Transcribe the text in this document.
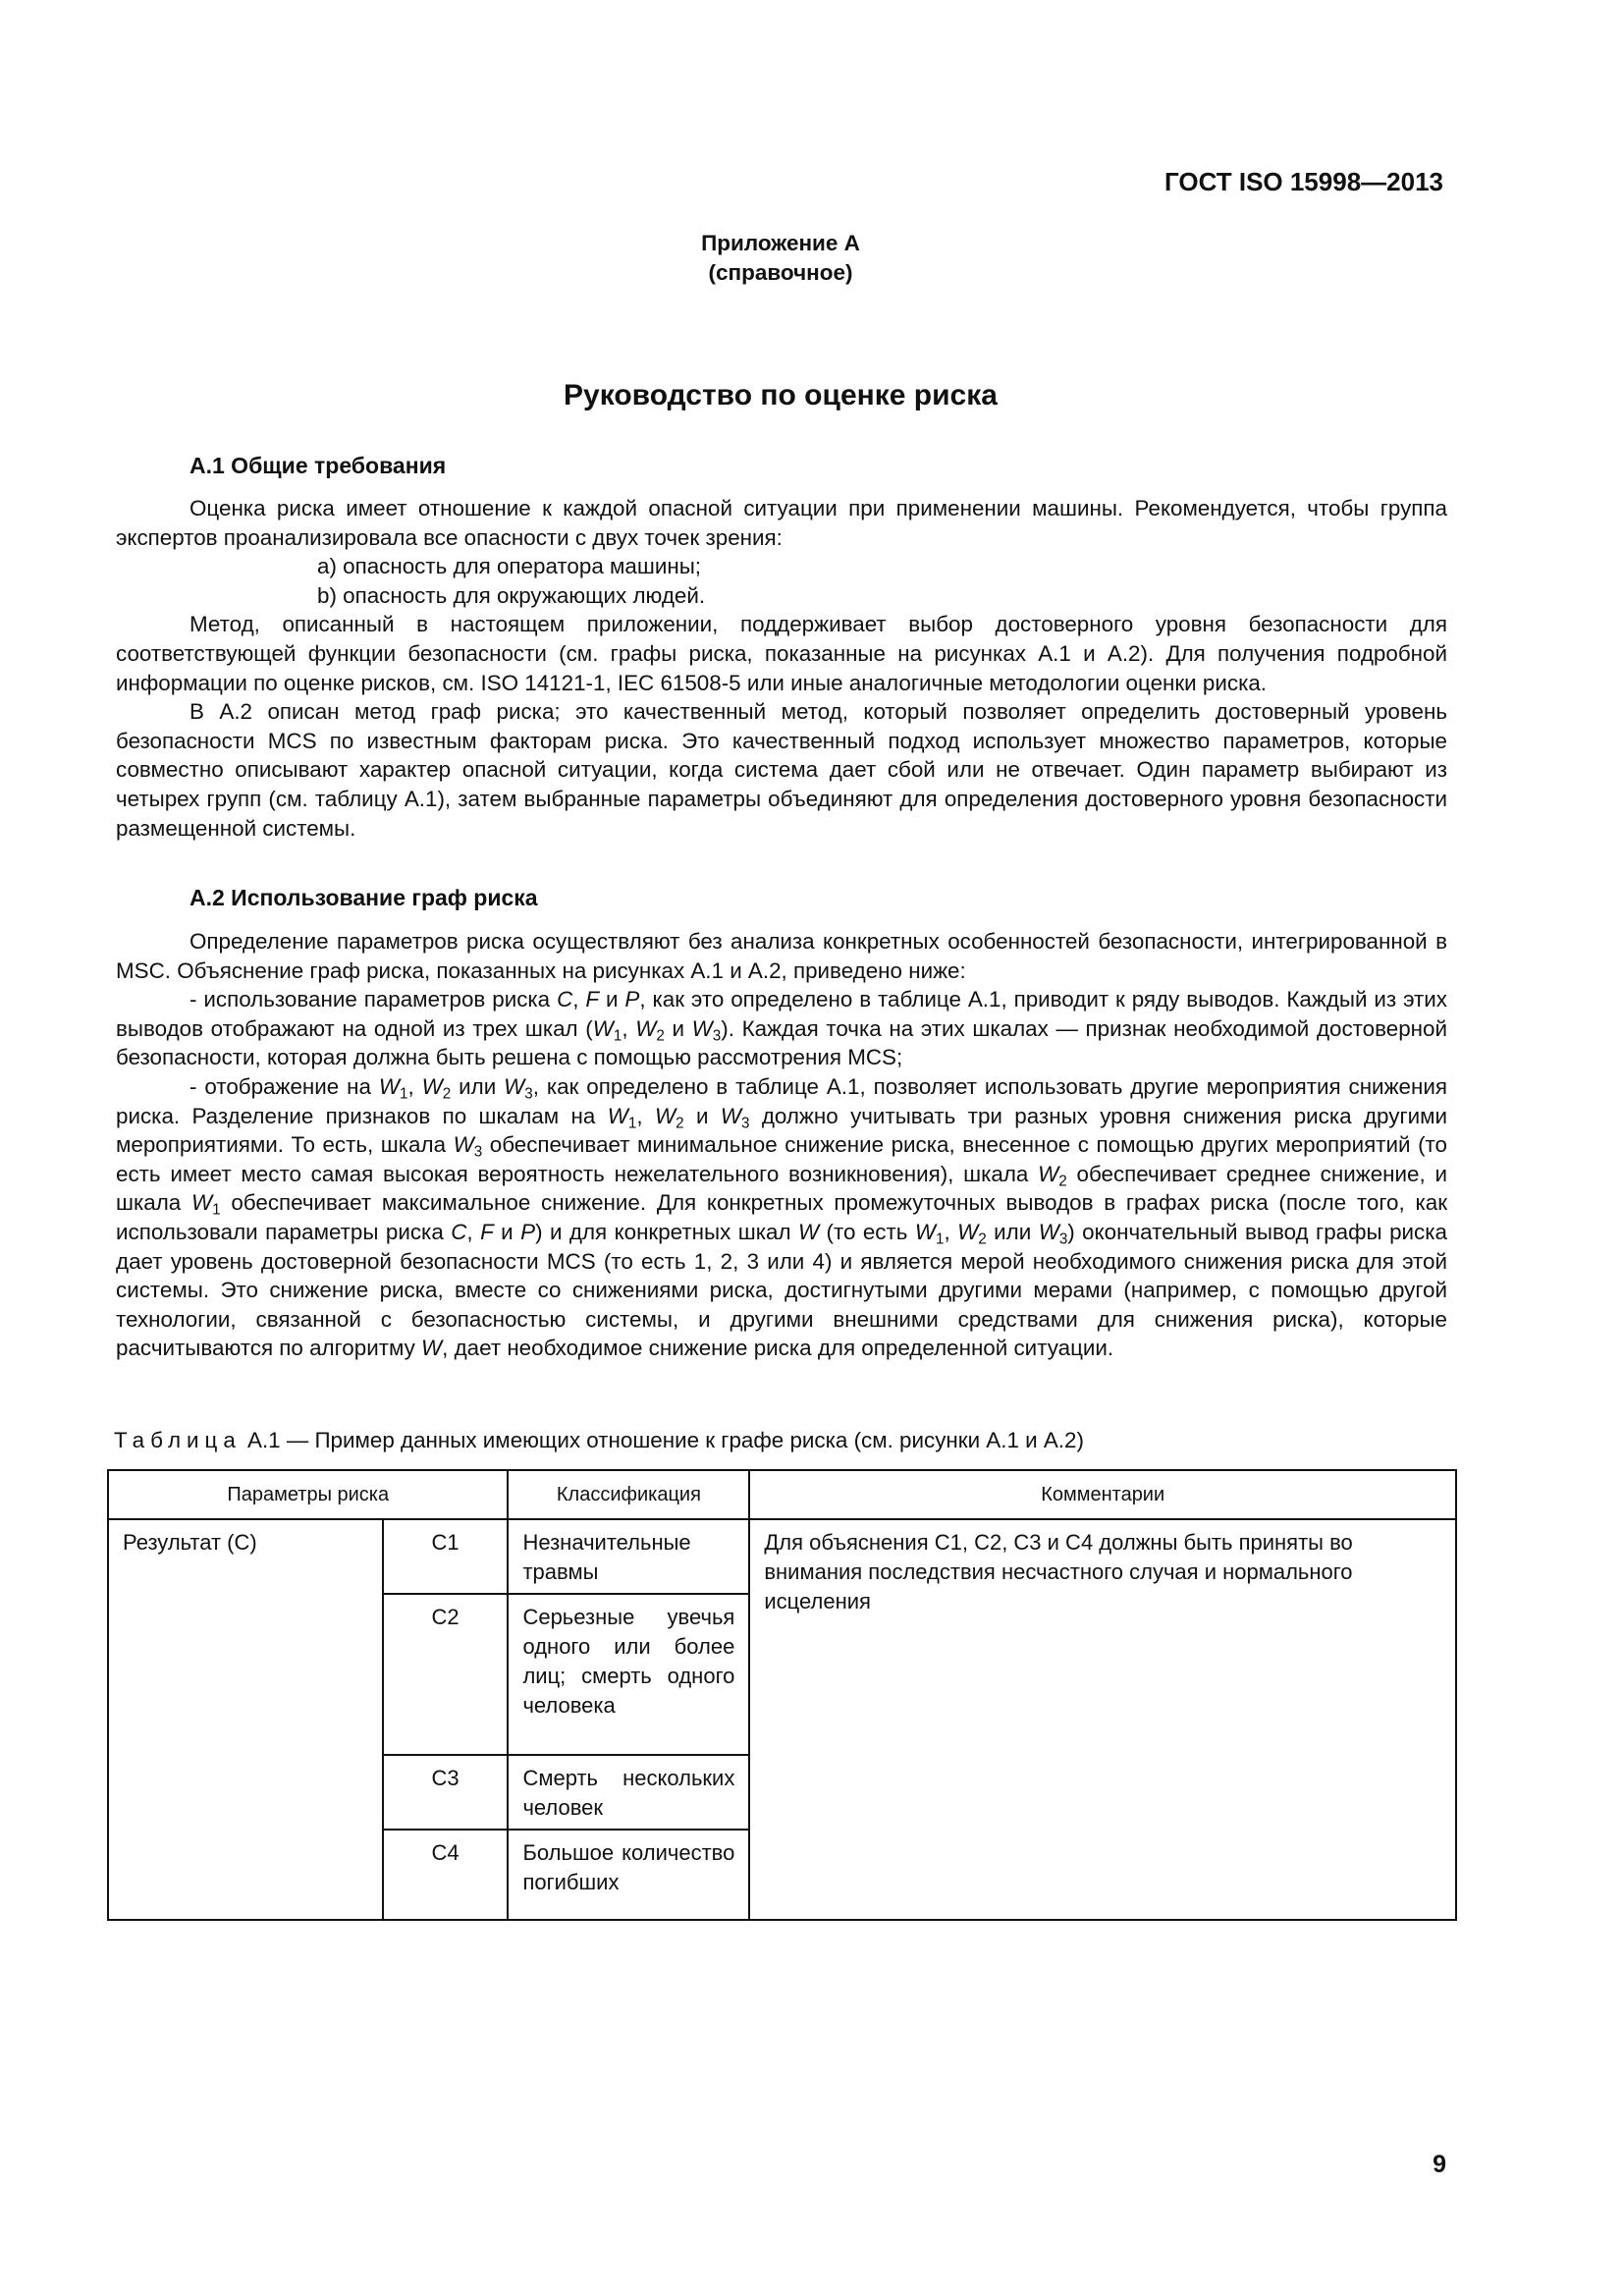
ГОСТ ISO 15998—2013
Приложение А
(справочное)
Руководство по оценке риска
А.1 Общие требования

Оценка риска имеет отношение к каждой опасной ситуации при применении машины. Рекомендуется, чтобы группа экспертов проанализировала все опасности с двух точек зрения:

a) опасность для оператора машины;

b) опасность для окружающих людей.

Метод, описанный в настоящем приложении, поддерживает выбор достоверного уровня безопасности для соответствующей функции безопасности (см. графы риска, показанные на рисунках А.1 и А.2). Для получения подробной информации по оценке рисков, см. ISO 14121-1, IEC 61508-5 или иные аналогичные методологии оценки риска.

В А.2 описан метод граф риска; это качественный метод, который позволяет определить достоверный уровень безопасности MCS по известным факторам риска. Это качественный подход использует множество параметров, которые совместно описывают характер опасной ситуации, когда система дает сбой или не отвечает. Один параметр выбирают из четырех групп (см. таблицу А.1), затем выбранные параметры объединяют для определения достоверного уровня безопасности размещенной системы.

А.2 Использование граф риска

Определение параметров риска осуществляют без анализа конкретных особенностей безопасности, интегрированной в MSC. Объяснение граф риска, показанных на рисунках А.1 и А.2, приведено ниже:

- использование параметров риска C, F и P, как это определено в таблице А.1, приводит к ряду выводов. Каждый из этих выводов отображают на одной из трех шкал ($W_1$, $W_2$ и $W_3$). Каждая точка на этих шкалах — признак необходимой достоверной безопасности, которая должна быть решена с помощью рассмотрения MCS;

- отображение на $W_1$, $W_2$ или $W_3$, как определено в таблице А.1, позволяет использовать другие мероприятия снижения риска. Разделение признаков по шкалам на $W_1$, $W_2$ и $W_3$ должно учитывать три разных уровня снижения риска другими мероприятиями. То есть, шкала $W_3$ обеспечивает минимальное снижение риска, внесенное с помощью других мероприятий (то есть имеет место самая высокая вероятность нежелательного возникновения), шкала $W_2$ обеспечивает среднее снижение, и шкала $W_1$ обеспечивает максимальное снижение. Для конкретных промежуточных выводов в графах риска (после того, как использовали параметры риска C, F и P) и для конкретных шкал W (то есть $W_1$, $W_2$ или $W_3$) окончательный вывод графы риска дает уровень достоверной безопасности MCS (то есть 1, 2, 3 или 4) и является мерой необходимого снижения риска для этой системы. Это снижение риска, вместе со снижениями риска, достигнутыми другими мерами (например, с помощью другой технологии, связанной с безопасностью системы, и другими внешними средствами для снижения риска), которые расчитываются по алгоритму W, дает необходимое снижение риска для определенной ситуации.

Таблица А.1 — Пример данных имеющих отношение к графе риска (см. рисунки А.1 и А.2)
Параметры риска		Классификация	Комментарии
Результат (С)	С1	Незначительные травмы	Для объяснения С1, С2, С3 и С4 должны быть приняты во внимания последствия несчастного случая и нормального исцеления
	С2	Серьезные увечья одного или более лиц; смерть одного человека	
	С3	Смерть нескольких человек	
	С4	Большое количество погибших	
9
